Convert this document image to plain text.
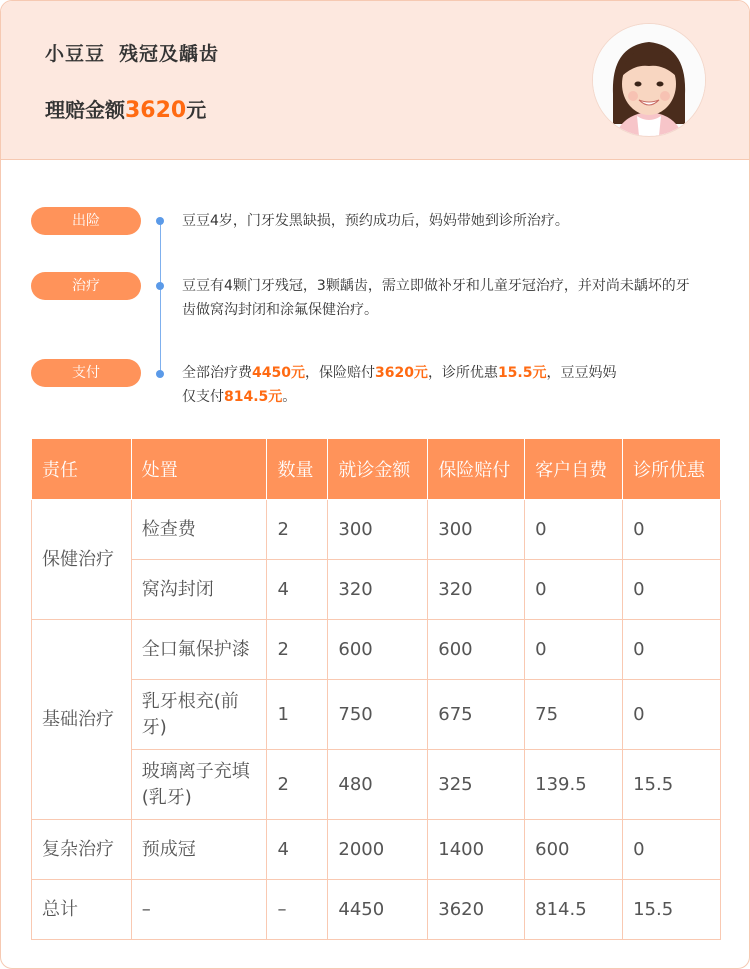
小豆豆 残冠及龋齿
理赔金额3620元
出险	豆豆4岁，门牙发黑缺损，预约成功后，妈妈带她到诊所治疗。
治疗	豆豆有4颗门牙残冠，3颗龋齿，需立即做补牙和儿童牙冠治疗，并对尚未龋坏的牙齿做窝沟封闭和涂氟保健治疗。
支付	全部治疗费4450元，保险赔付3620元，诊所优惠15.5元，豆豆妈妈
仅支付814.5元。
责任	处置	数量	就诊金额	保险赔付	客户自费	诊所优惠
保健治疗	检查费	2	300	300	0	0
	窝沟封闭	4	320	320	0	0
基础治疗	全口氟保护漆	2	600	600	0	0
	乳牙根充(前牙)	1	750	675	75	0
	玻璃离子充填(乳牙)	2	480	325	139.5	15.5
复杂治疗	预成冠	4	2000	1400	600	0
总计	–	–	4450	3620	814.5	15.5
